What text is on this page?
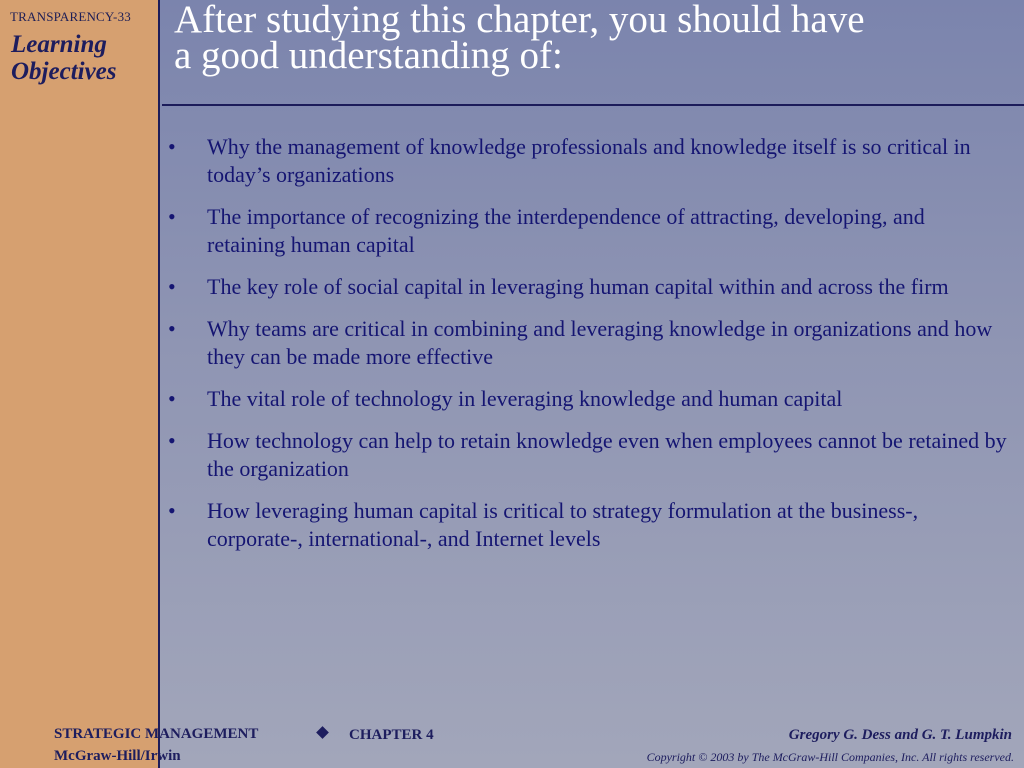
TRANSPARENCY-33
Learning
Objectives
After studying this chapter, you should have
a good understanding of:
• Why the management of knowledge professionals and knowledge itself is so critical in today’s organizations
• The importance of recognizing the interdependence of attracting, developing, and retaining human capital
• The key role of social capital in leveraging human capital within and across the firm
• Why teams are critical in combining and leveraging knowledge in organizations and how they can be made more effective
• The vital role of technology in leveraging knowledge and human capital
• How technology can help to retain knowledge even when employees cannot be retained by the organization
• How leveraging human capital is critical to strategy formulation at the business-, corporate-, international-, and Internet levels
STRATEGIC MANAGEMENT
McGraw-Hill/Irwin
CHAPTER 4	Gregory G. Dess and G. T. Lumpkin
Copyright © 2003 by The McGraw-Hill Companies, Inc. All rights reserved.
